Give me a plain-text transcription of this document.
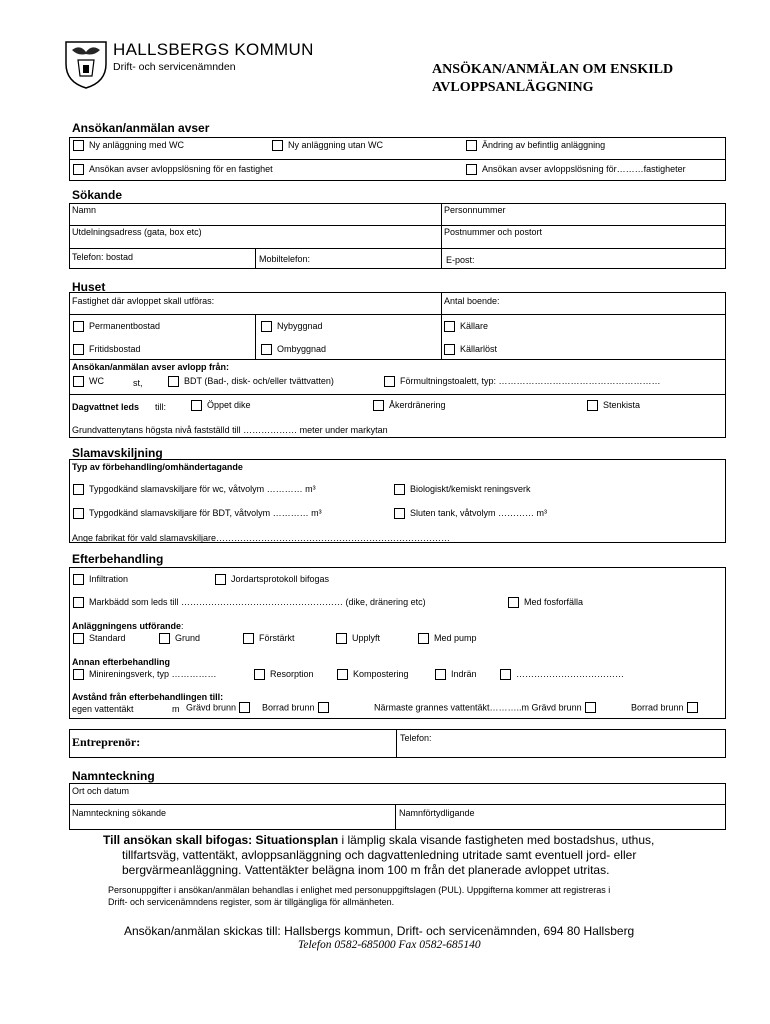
HALLSBERGS KOMMUN
Drift- och servicenämnden	ANSÖKAN/ANMÄLAN OM ENSKILD
AVLOPPSANLÄGGNING
Ansökan/anmälan avser
Ny anläggning med WC	Ny anläggning utan WC	Ändring av befintlig anläggning
Ansökan avser avloppslösning för en fastighet	Ansökan avser avloppslösning för………fastigheter
Sökande
Namn	Personnummer
Utdelningsadress (gata, box etc)	Postnummer och postort
Telefon: bostad	Mobiltelefon:	E-post:
Huset
Fastighet där avloppet skall utföras:	Antal boende:
Permanentbostad	Nybyggnad	Källare
Fritidsbostad	Ombyggnad	Källarlöst
Ansökan/anmälan avser avlopp från:
WC	st,	BDT (Bad-, disk- och/eller tvättvatten)	Förmultningstoalett, typ: ………………………………………………
Dagvattnet leds till:	Öppet dike	Åkerdränering	Stenkista
Grundvattenytans högsta nivå fastställd till ……………… meter under markytan
Slamavskiljning
Typ av förbehandling/omhändertagande
Typgodkänd slamavskiljare för wc, våtvolym ………… m³	Biologiskt/kemiskt reningsverk
Typgodkänd slamavskiljare för BDT, våtvolym ………… m³	Sluten tank, våtvolym ………… m³
Ange fabrikat för vald slamavskiljare……………………………………………………………………
Efterbehandling
Infiltration	Jordartsprotokoll bifogas
Markbädd som leds till ……………………………………………… (dike, dränering etc)	Med fosforfälla
Anläggningens utförande:
Standard	Grund	Förstärkt	Upplyft	Med pump
Annan efterbehandling
Minireningsverk, typ ……………	Resorption	Kompostering	Indrän	………………………………
Avstånd från efterbehandlingen till:
egen vattentäkt	m Grävd brunn	Borrad brunn	Närmaste grannes vattentäkt………..m Grävd brunn	Borrad brunn
Entreprenör:	Telefon:
Namnteckning
Ort och datum
Namnteckning sökande	Namnförtydligande
Till ansökan skall bifogas: Situationsplan i lämplig skala visande fastigheten med bostadshus, uthus,
tillfartsväg, vattentäkt, avloppsanläggning och dagvattenledning utritade samt eventuell jord- eller
bergvärmeanläggning. Vattentäkter belägna inom 100 m från det planerade avloppet utritas.
Personuppgifter i ansökan/anmälan behandlas i enlighet med personuppgiftslagen (PUL). Uppgifterna kommer att registreras i
Drift- och servicenämndens register, som är tillgängliga för allmänheten.
Ansökan/anmälan skickas till: Hallsbergs kommun, Drift- och servicenämnden, 694 80 Hallsberg
Telefon 0582-685000 Fax 0582-685140
